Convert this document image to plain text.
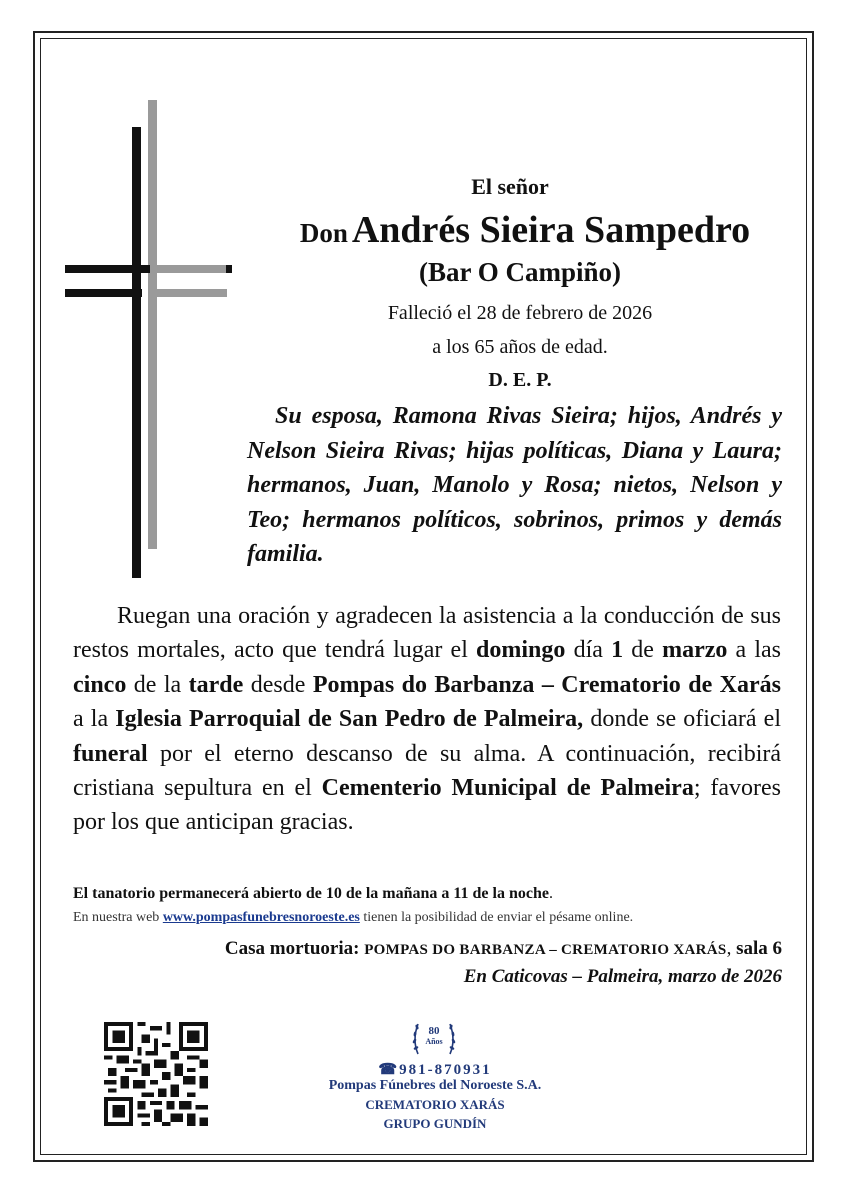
El señor
Don Andrés Sieira Sampedro
(Bar O Campiño)
Falleció el 28 de febrero de 2026
a los 65 años de edad.
D. E. P.
Su esposa, Ramona Rivas Sieira; hijos, Andrés y Nelson Sieira Rivas; hijas políticas, Diana y Laura; hermanos, Juan, Manolo y Rosa; nietos, Nelson y Teo; hermanos políticos, sobrinos, primos y demás familia.
Ruegan una oración y agradecen la asistencia a la conducción de sus restos mortales, acto que tendrá lugar el domingo día 1 de marzo a las cinco de la tarde desde Pompas do Barbanza – Crematorio de Xarás a la Iglesia Parroquial de San Pedro de Palmeira, donde se oficiará el funeral por el eterno descanso de su alma. A continuación, recibirá cristiana sepultura en el Cementerio Municipal de Palmeira; favores por los que anticipan gracias.
El tanatorio permanecerá abierto de 10 de la mañana a 11 de la noche.
En nuestra web www.pompasfunebresnoroeste.es tienen la posibilidad de enviar el pésame online.
Casa mortuoria: POMPAS DO BARBANZA – CREMATORIO XARÁS, sala 6
En Caticovas – Palmeira, marzo de 2026
80
Años
☎981-870931
Pompas Fúnebres del Noroeste S.A.
CREMATORIO XARÁS
GRUPO GUNDÍN
